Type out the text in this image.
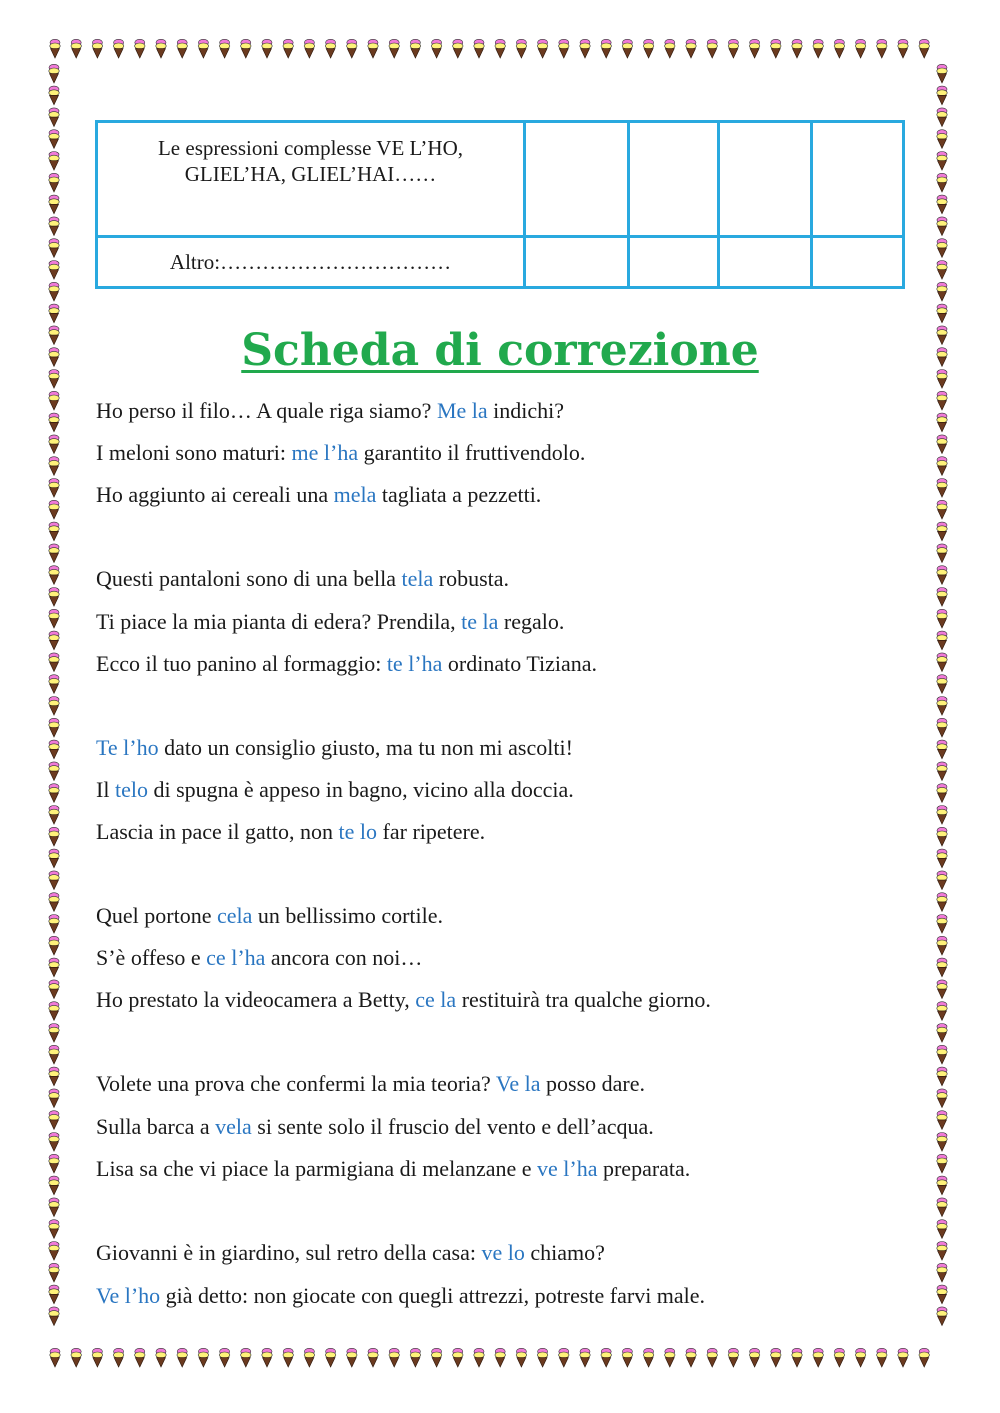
Le espressioni complesse VE L’HO, GLIEL’HA, GLIEL’HAI……				
Altro:……………………………				
Scheda di correzione
Ho perso il filo… A quale riga siamo? Me la indichi?
I meloni sono maturi: me l’ha garantito il fruttivendolo.
Ho aggiunto ai cereali una mela tagliata a pezzetti.
Questi pantaloni sono di una bella tela robusta.
Ti piace la mia pianta di edera? Prendila, te la regalo.
Ecco il tuo panino al formaggio: te l’ha ordinato Tiziana.
Te l’ho dato un consiglio giusto, ma tu non mi ascolti!
Il telo di spugna è appeso in bagno, vicino alla doccia.
Lascia in pace il gatto, non te lo far ripetere.
Quel portone cela un bellissimo cortile.
S’è offeso e ce l’ha ancora con noi…
Ho prestato la videocamera a Betty, ce la restituirà tra qualche giorno.
Volete una prova che confermi la mia teoria? Ve la posso dare.
Sulla barca a vela si sente solo il fruscio del vento e dell’acqua.
Lisa sa che vi piace la parmigiana di melanzane e ve l’ha preparata.
Giovanni è in giardino, sul retro della casa: ve lo chiamo?
Ve l’ho già detto: non giocate con quegli attrezzi, potreste farvi male.
